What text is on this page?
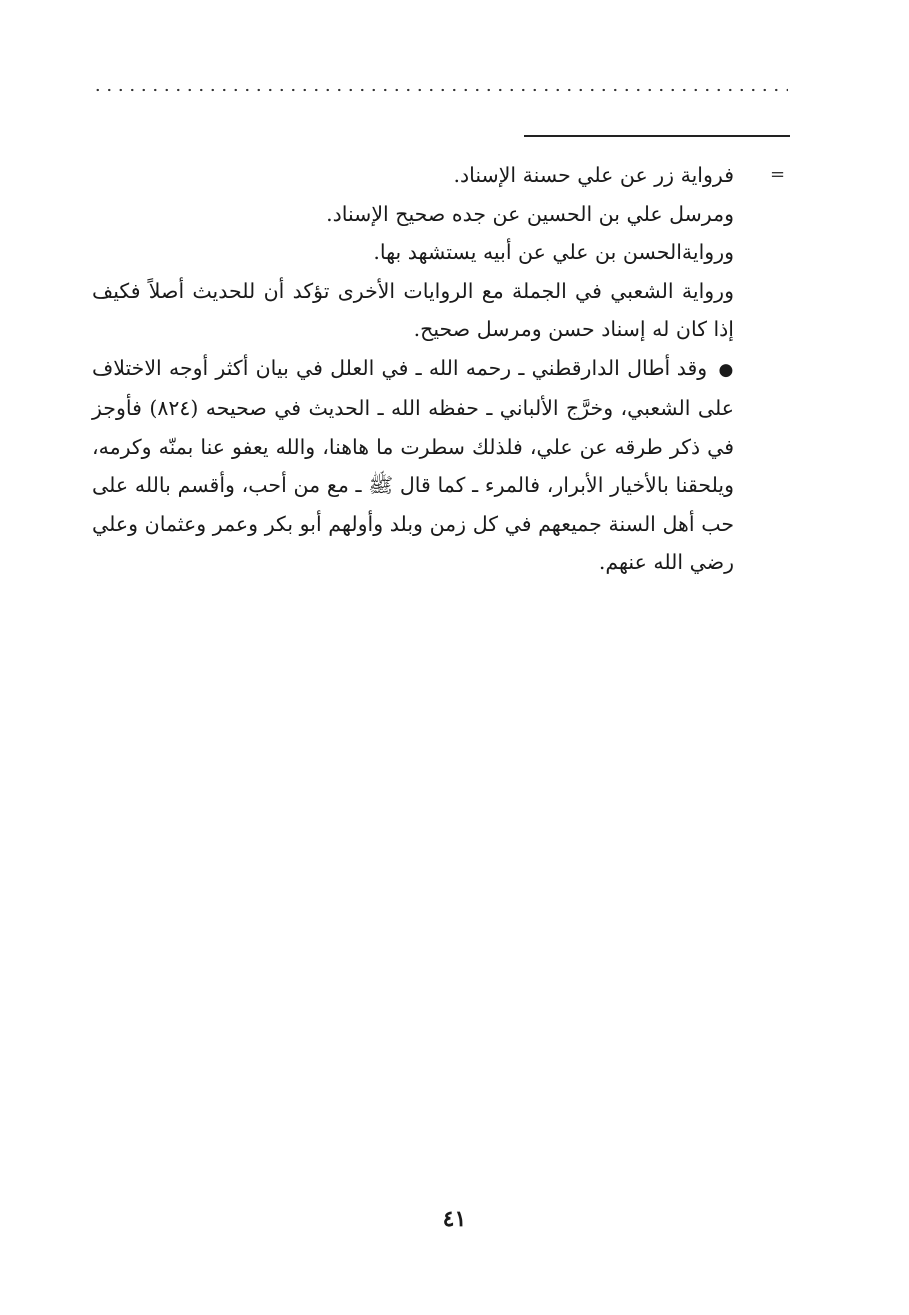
=

فرواية زر عن علي حسنة الإسناد.

ومرسل علي بن الحسين عن جده صحيح الإسناد.

وروايةالحسن بن علي عن أبيه يستشهد بها.

ورواية الشعبي في الجملة مع الروايات الأخرى تؤكد أن للحديث أصلاً فكيف إذا كان له إسناد حسن ومرسل صحيح.

● وقد أطال الدارقطني ـ رحمه الله ـ في العلل في بيان أكثر أوجه الاختلاف على الشعبي، وخرَّج الألباني ـ حفظه الله ـ الحديث في صحيحه (٨٢٤) فأوجز في ذكر طرقه عن علي، فلذلك سطرت ما هاهنا، والله يعفو عنا بمنّه وكرمه، ويلحقنا بالأخيار الأبرار، فالمرء ـ كما قال ﷺ ـ مع من أحب، وأقسم بالله على حب أهل السنة جميعهم في كل زمن وبلد وأولهم أبو بكر وعمر وعثمان وعلي رضي الله عنهم.

٤١
